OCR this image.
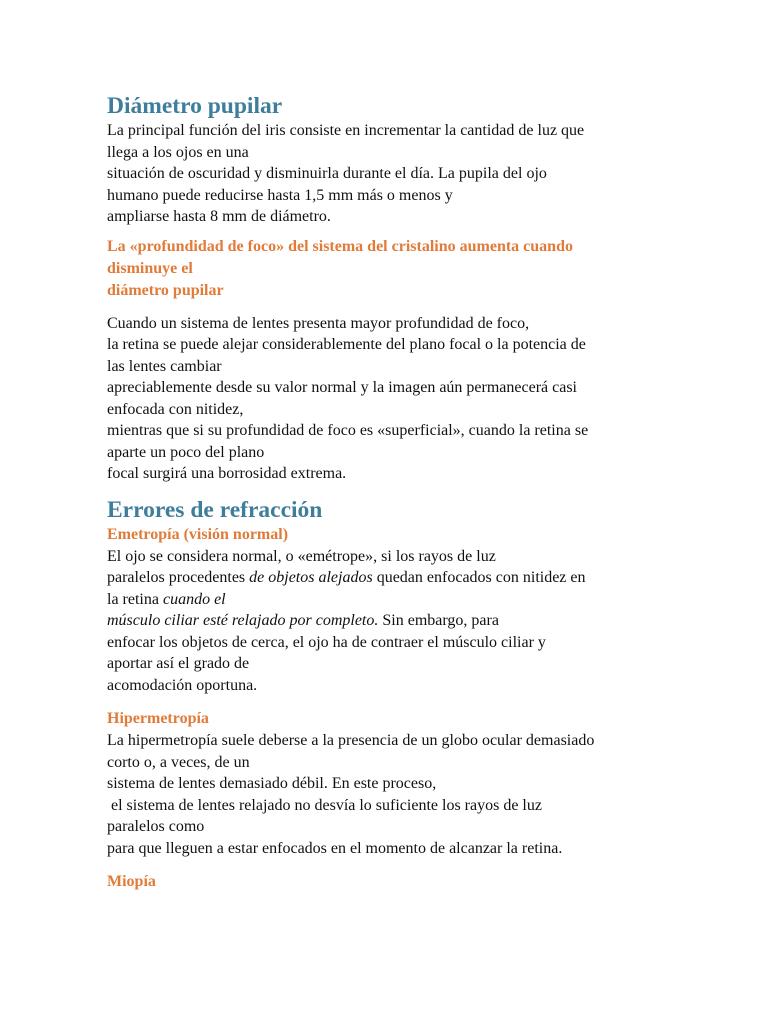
Diámetro pupilar
La principal función del iris consiste en incrementar la cantidad de luz que
llega a los ojos en una
situación de oscuridad y disminuirla durante el día. La pupila del ojo
humano puede reducirse hasta 1,5 mm más o menos y
ampliarse hasta 8 mm de diámetro.
La «profundidad de foco» del sistema del cristalino aumenta cuando
disminuye el
diámetro pupilar
Cuando un sistema de lentes presenta mayor profundidad de foco,
la retina se puede alejar considerablemente del plano focal o la potencia de
las lentes cambiar
apreciablemente desde su valor normal y la imagen aún permanecerá casi
enfocada con nitidez,
mientras que si su profundidad de foco es «superficial», cuando la retina se
aparte un poco del plano
focal surgirá una borrosidad extrema.
Errores de refracción
Emetropía (visión normal)
El ojo se considera normal, o «emétrope», si los rayos de luz
paralelos procedentes de objetos alejados quedan enfocados con nitidez en
la retina cuando el
músculo ciliar esté relajado por completo. Sin embargo, para
enfocar los objetos de cerca, el ojo ha de contraer el músculo ciliar y
aportar así el grado de
acomodación oportuna.
Hipermetropía
La hipermetropía suele deberse a la presencia de un globo ocular demasiado
corto o, a veces, de un
sistema de lentes demasiado débil. En este proceso,
el sistema de lentes relajado no desvía lo suficiente los rayos de luz
paralelos como
para que lleguen a estar enfocados en el momento de alcanzar la retina.
Miopía
